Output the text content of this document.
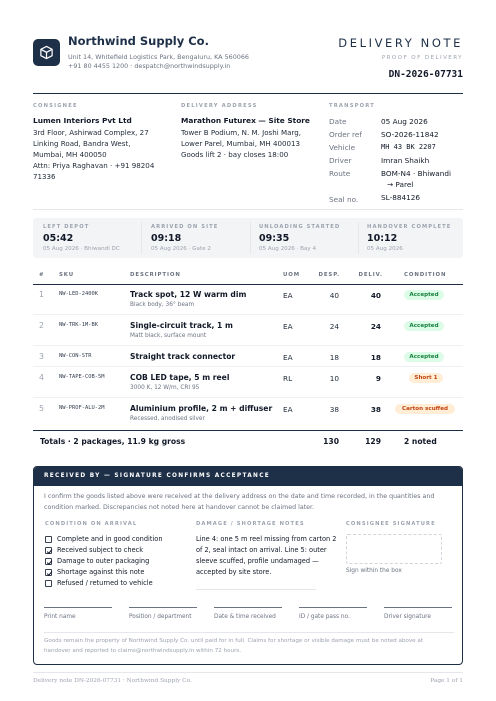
Northwind Supply Co.
Unit 14, Whitefield Logistics Park, Bengaluru, KA 560066
+91 80 4455 1200 · despatch@northwindsupply.in
DELIVERY NOTE
PROOF OF DELIVERY
DN-2026-07731
CONSIGNEE
Lumen Interiors Pvt Ltd
3rd Floor, Ashirwad Complex, 27
Linking Road, Bandra West,
Mumbai, MH 400050
Attn: Priya Raghavan · +91 98204
71336
DELIVERY ADDRESS
Marathon Futurex — Site Store
Tower B Podium, N. M. Joshi Marg,
Lower Parel, Mumbai, MH 400013
Goods lift 2 · bay closes 18:00
TRANSPORT
Date	05 Aug 2026
Order ref	SO-2026-11842
Vehicle	MH 43 BK 2207
Driver	Imran Shaikh
Route	BOM-N4 · Bhiwandi
→ Parel
Seal no.	SL-884126
LEFT DEPOT
05:42
05 Aug 2026 · Bhiwandi DC
ARRIVED ON SITE
09:18
05 Aug 2026 · Gate 2
UNLOADING STARTED
09:35
05 Aug 2026 · Bay 4
HANDOVER COMPLETE
10:12
05 Aug 2026
#	SKU	DESCRIPTION	UOM	DESP.	DELIV.	CONDITION
1	NW-LED-2400K	Track spot, 12 W warm dim
Black body, 36° beam
EA	40	40	Accepted
2	NW-TRK-1M-BK	Single-circuit track, 1 m
Matt black, surface mount
EA	24	24	Accepted
3	NW-CON-STR	Straight track connector	EA	18	18	Accepted
4	NW-TAPE-COB-5M	COB LED tape, 5 m reel
3000 K, 12 W/m, CRI 95
RL	10	9	Short 1
5	NW-PROF-ALU-2M	Aluminium profile, 2 m + diffuser
Recessed, anodised silver
EA	38	38	Carton scuffed
Totals · 2 packages, 11.9 kg gross	130	129	2 noted
RECEIVED BY — SIGNATURE CONFIRMS ACCEPTANCE
I confirm the goods listed above were received at the delivery address on the date and time recorded, in the quantities and
condition marked. Discrepancies not noted here at handover cannot be claimed later.
CONDITION ON ARRIVAL	DAMAGE / SHORTAGE NOTES	CONSIGNEE SIGNATURE
Complete and in good condition
Received subject to check
Damage to outer packaging
Shortage against this note
Refused / returned to vehicle
Line 4: one 5 m reel missing from carton 2
of 2, seal intact on arrival. Line 5: outer
sleeve scuffed, profile undamaged —
accepted by site store.	Sign within the box
Print name	Position / department	Date & time received	ID / gate pass no.	Driver signature
Goods remain the property of Northwind Supply Co. until paid for in full. Claims for shortage or visible damage must be noted above at
handover and reported to claims@northwindsupply.in within 72 hours.
Delivery note DN-2026-07731 · Northwind Supply Co.	Page 1 of 1
